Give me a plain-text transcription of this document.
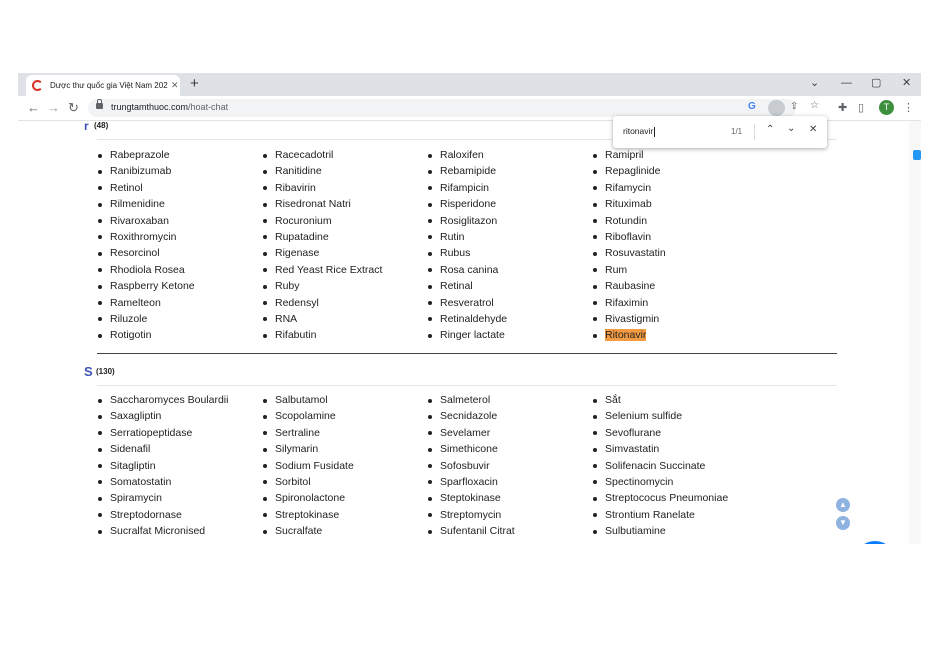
Dược thư quốc gia Việt Nam 202 ✕ +	⌄ — ▢ ✕
← → ↻	trungtamthuoc.com/hoat-chat	G	⇪ ☆ ✚ ▯	T	⋮
r (48)
Rabeprazole
Ranibizumab
Retinol
Rilmenidine
Rivaroxaban
Roxithromycin
Resorcinol
Rhodiola Rosea
Raspberry Ketone
Ramelteon
Riluzole
Rotigotin
Racecadotril
Ranitidine
Ribavirin
Risedronat Natri
Rocuronium
Rupatadine
Rigenase
Red Yeast Rice Extract
Ruby
Redensyl
RNA
Rifabutin
Raloxifen
Rebamipide
Rifampicin
Risperidone
Rosiglitazon
Rutin
Rubus
Rosa canina
Retinal
Resveratrol
Retinaldehyde
Ringer lactate
Ramipril
Repaglinide
Rifamycin
Rituximab
Rotundin
Riboflavin
Rosuvastatin
Rum
Raubasine
Rifaximin
Rivastigmin
Ritonavir
S (130)
Saccharomyces Boulardii
Saxagliptin
Serratiopeptidase
Sidenafil
Sitagliptin
Somatostatin
Spiramycin
Streptodornase
Sucralfat Micronised
Salbutamol
Scopolamine
Sertraline
Silymarin
Sodium Fusidate
Sorbitol
Spironolactone
Streptokinase
Sucralfate
Salmeterol
Secnidazole
Sevelamer
Simethicone
Sofosbuvir
Sparfloxacin
Steptokinase
Streptomycin
Sufentanil Citrat
Sắt
Selenium sulfide
Sevoflurane
Simvastatin
Solifenacin Succinate
Spectinomycin
Streptococus Pneumoniae
Strontium Ranelate
Sulbutiamine
▲
▼
ritonavir	1/1 ⌃ ⌄ ✕
